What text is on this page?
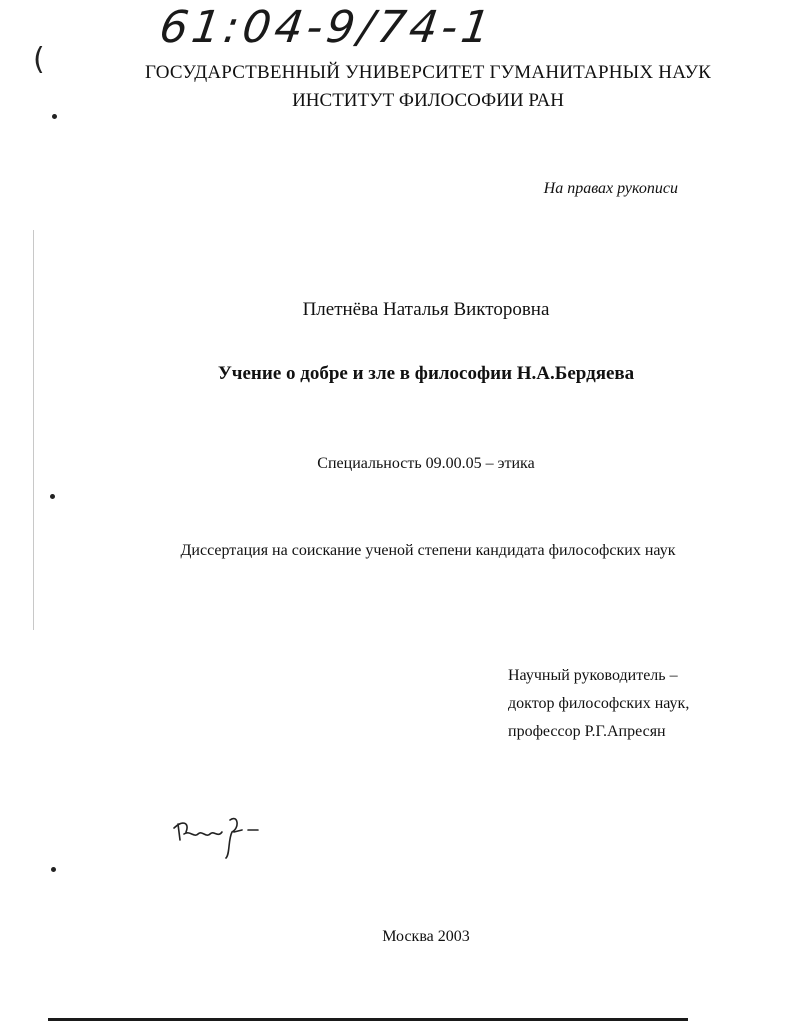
61:04-9/74-1
(	ГОСУДАРСТВЕННЫЙ УНИВЕРСИТЕТ ГУМАНИТАРНЫХ НАУК
ИНСТИТУТ ФИЛОСОФИИ РАН
На правах рукописи
Плетнёва Наталья Викторовна
Учение о добре и зле в философии Н.А.Бердяева
Специальность 09.00.05 – этика
Диссертация на соискание ученой степени кандидата философских наук
Научный руководитель –
доктор философских наук,
профессор Р.Г.Апресян
Москва 2003
